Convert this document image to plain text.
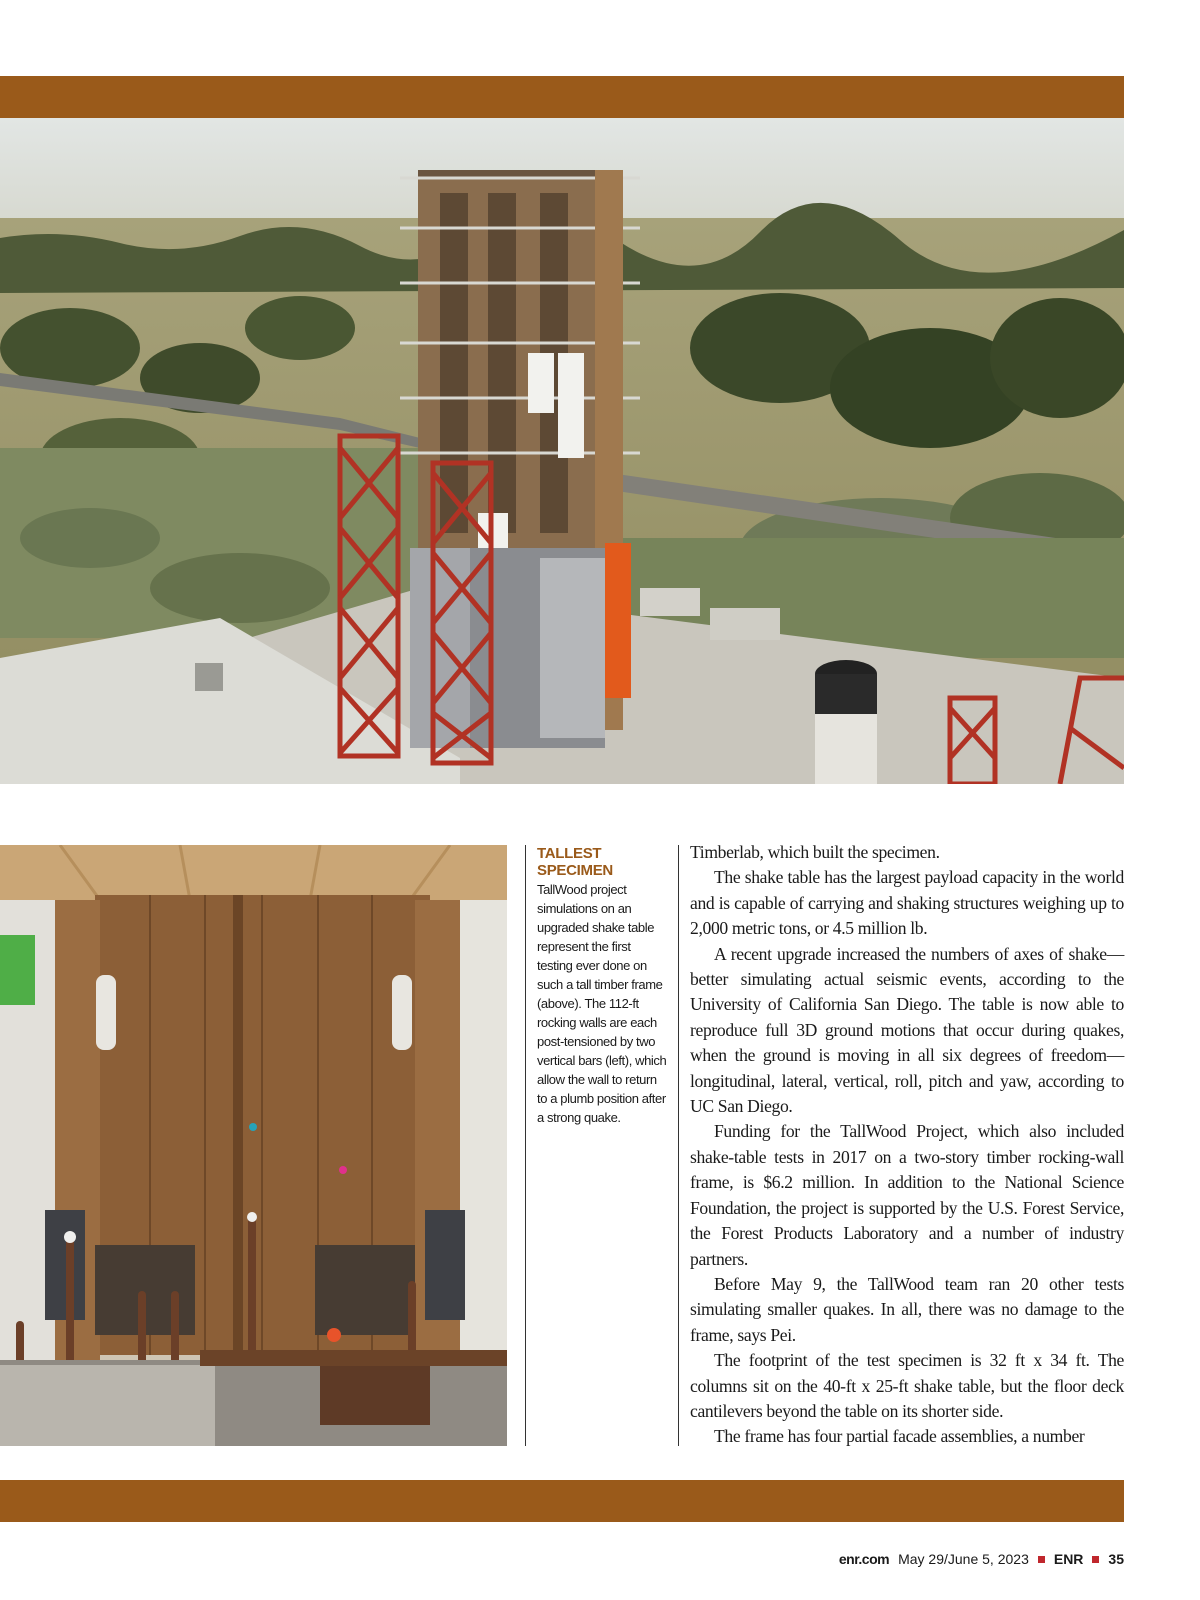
TALLEST SPECIMEN
TallWood project simulations on an upgraded shake table represent the first testing ever done on such a tall timber frame (above). The 112-ft rocking walls are each post-tensioned by two vertical bars (left), which allow the wall to return to a plumb position after a strong quake.

Timberlab, which built the specimen.

The shake table has the largest payload capacity in the world and is capable of carrying and shaking structures weighing up to 2,000 metric tons, or 4.5 million lb.

A recent upgrade increased the numbers of axes of shake—better simulating actual seismic events, according to the University of California San Diego. The table is now able to reproduce full 3D ground motions that occur during quakes, when the ground is moving in all six degrees of freedom—longitudinal, lateral, vertical, roll, pitch and yaw, according to UC San Diego.

Funding for the TallWood Project, which also included shake-table tests in 2017 on a two-story timber rocking-wall frame, is $6.2 million. In addition to the National Science Foundation, the project is supported by the U.S. Forest Service, the Forest Products Laboratory and a number of industry partners.

Before May 9, the TallWood team ran 20 other tests simulating smaller quakes. In all, there was no damage to the frame, says Pei.

The footprint of the test specimen is 32 ft x 34 ft. The columns sit on the 40-ft x 25-ft shake table, but the floor deck cantilevers beyond the table on its shorter side.

The frame has four partial facade assemblies, a number

enr.com May 29/June 5, 2023 ENR 35
